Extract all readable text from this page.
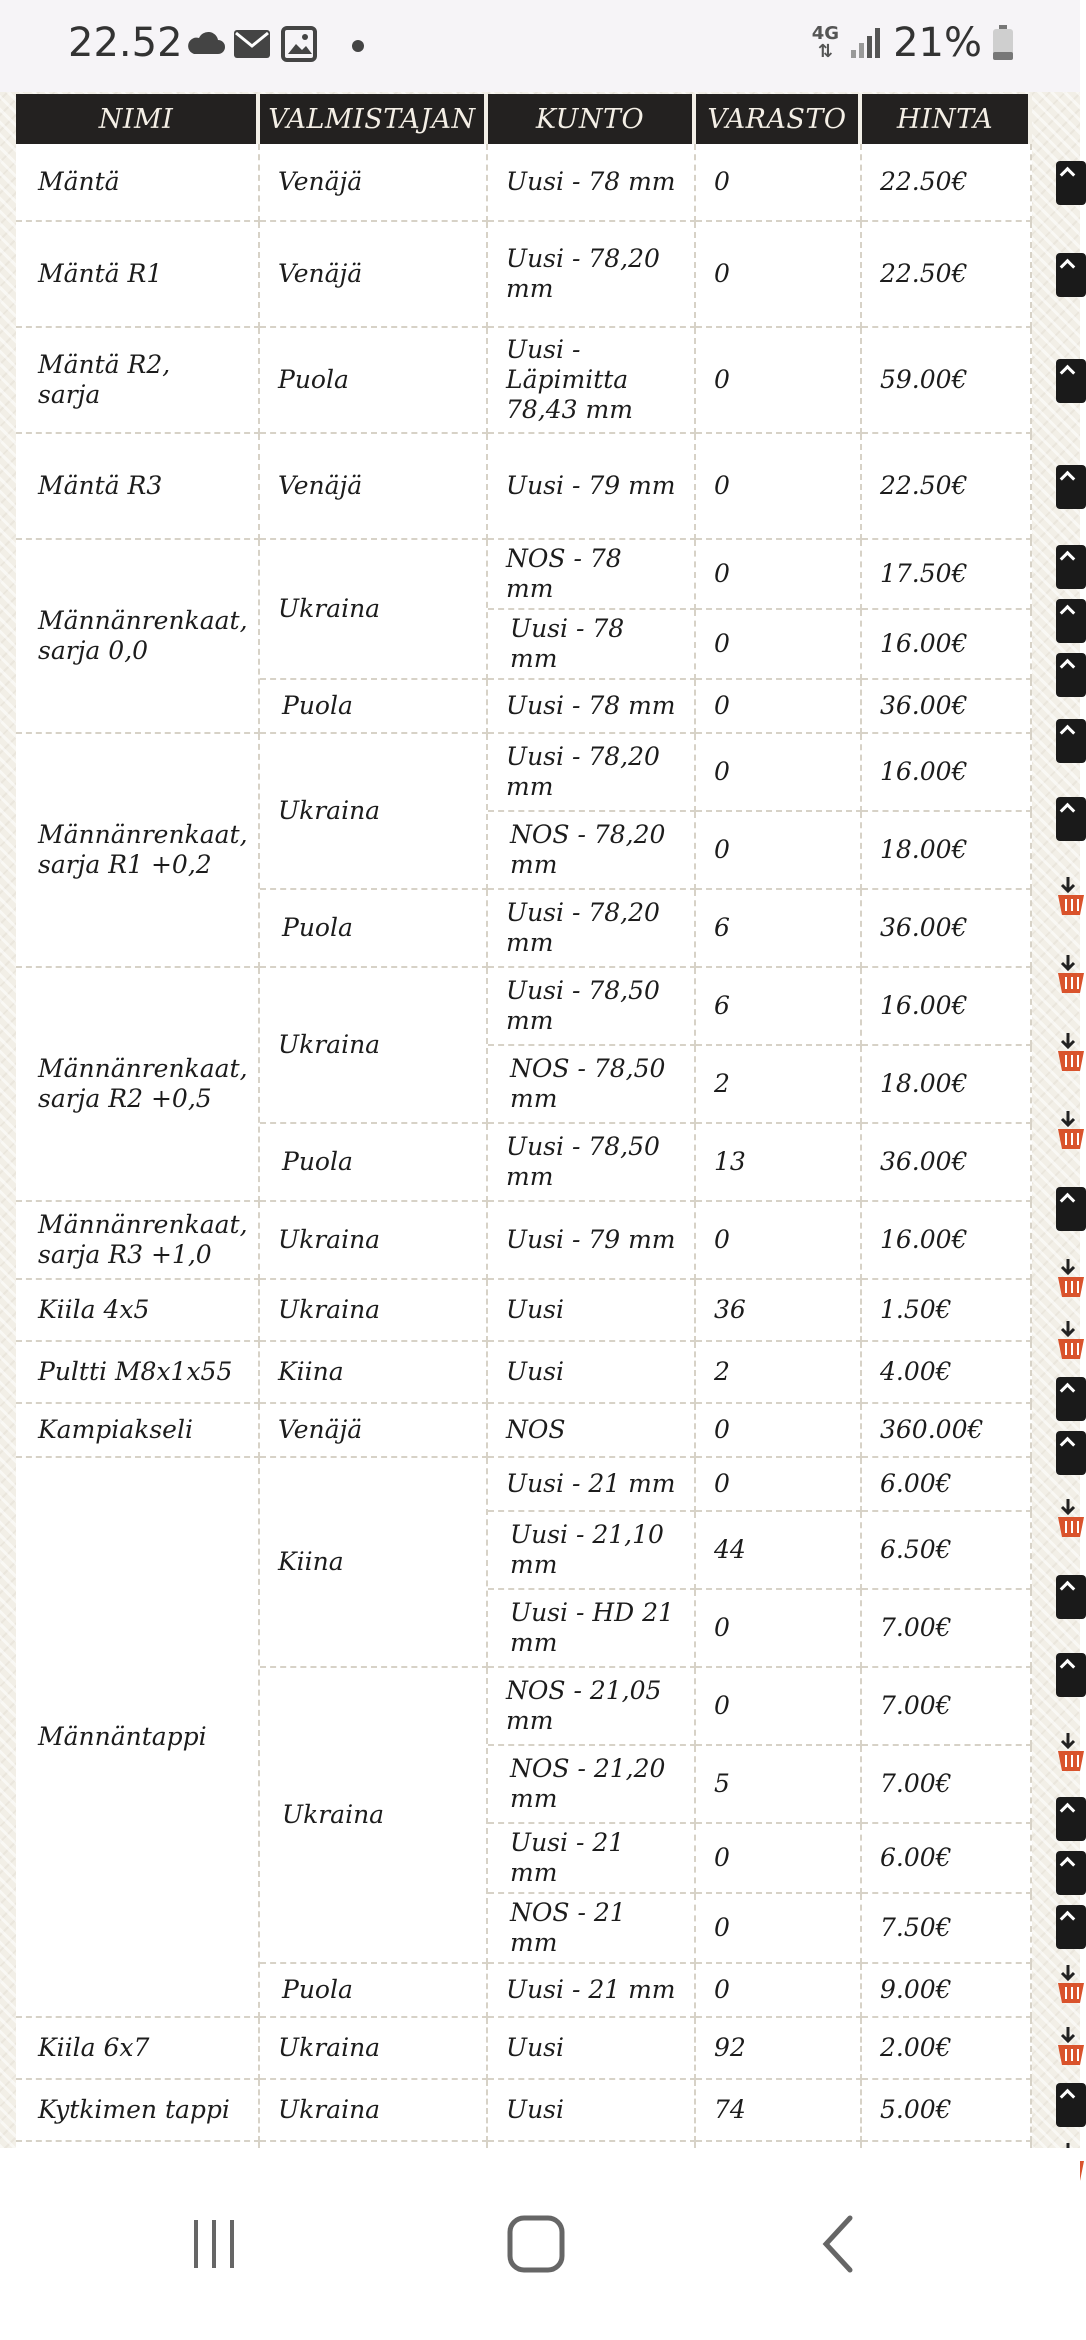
22.52	4G
⇅ 21%
NIMI	VALMISTAJAN	KUNTO	VARASTO	HINTA
Mäntä	Venäjä	Uusi - 78 mm	0	22.50€
Mäntä R1	Venäjä	Uusi - 78,20 mm	0	22.50€
Mäntä R2, sarja	Puola	Uusi - Läpimitta 78,43 mm	0	59.00€
Mäntä R3	Venäjä	Uusi - 79 mm	0	22.50€
Männänrenkaat, sarja 0,0	Ukraina	NOS - 78 mm	0	17.50€
		Uusi - 78 mm	0	16.00€
	Puola	Uusi - 78 mm	0	36.00€
Männänrenkaat, sarja R1 +0,2	Ukraina	Uusi - 78,20 mm	0	16.00€
		NOS - 78,20 mm	0	18.00€
	Puola	Uusi - 78,20 mm	6	36.00€
Männänrenkaat, sarja R2 +0,5	Ukraina	Uusi - 78,50 mm	6	16.00€
		NOS - 78,50 mm	2	18.00€
	Puola	Uusi - 78,50 mm	13	36.00€
Männänrenkaat, sarja R3 +1,0	Ukraina	Uusi - 79 mm	0	16.00€
Kiila 4x5	Ukraina	Uusi	36	1.50€
Pultti M8x1x55	Kiina	Uusi	2	4.00€
Kampiakseli	Venäjä	NOS	0	360.00€
Männäntappi	Kiina	Uusi - 21 mm	0	6.00€
		Uusi - 21,10 mm	44	6.50€
		Uusi - HD 21 mm	0	7.00€
	Ukraina	NOS - 21,05 mm	0	7.00€
		NOS - 21,20 mm	5	7.00€
		Uusi - 21 mm	0	6.00€
		NOS - 21 mm	0	7.50€
	Puola	Uusi - 21 mm	0	9.00€
Kiila 6x7	Ukraina	Uusi	92	2.00€
Kytkimen tappi	Ukraina	Uusi	74	5.00€
